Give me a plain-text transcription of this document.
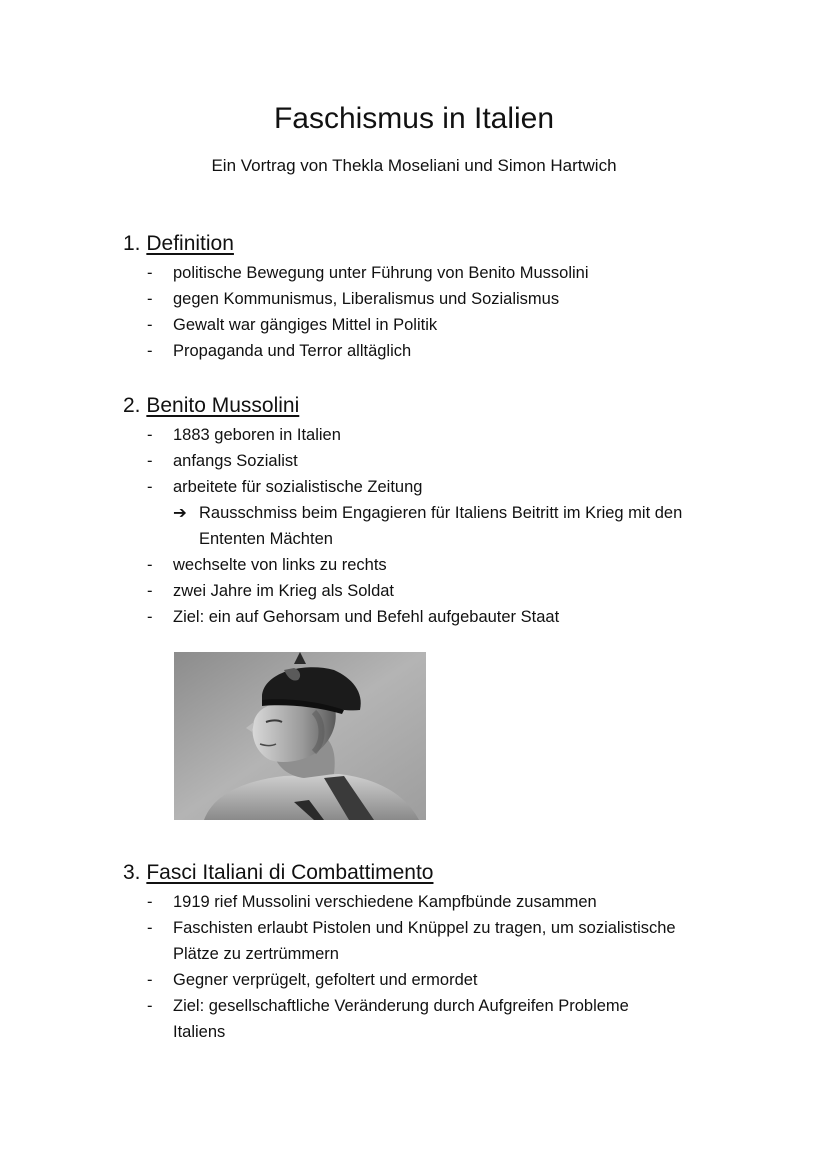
Faschismus in Italien
Ein Vortrag von Thekla Moseliani und Simon Hartwich
1. Definition
- politische Bewegung unter Führung von Benito Mussolini
- gegen Kommunismus, Liberalismus und Sozialismus
- Gewalt war gängiges Mittel in Politik
- Propaganda und Terror alltäglich
2. Benito Mussolini
- 1883 geboren in Italien
- anfangs Sozialist
- arbeitete für sozialistische Zeitung
➔ Rausschmiss beim Engagieren für Italiens Beitritt im Krieg mit den
Ententen Mächten
- wechselte von links zu rechts
- zwei Jahre im Krieg als Soldat
- Ziel: ein auf Gehorsam und Befehl aufgebauter Staat
3. Fasci Italiani di Combattimento
- 1919 rief Mussolini verschiedene Kampfbünde zusammen
- Faschisten erlaubt Pistolen und Knüppel zu tragen, um sozialistische
Plätze zu zertrümmern
- Gegner verprügelt, gefoltert und ermordet
- Ziel: gesellschaftliche Veränderung durch Aufgreifen Probleme
Italiens
